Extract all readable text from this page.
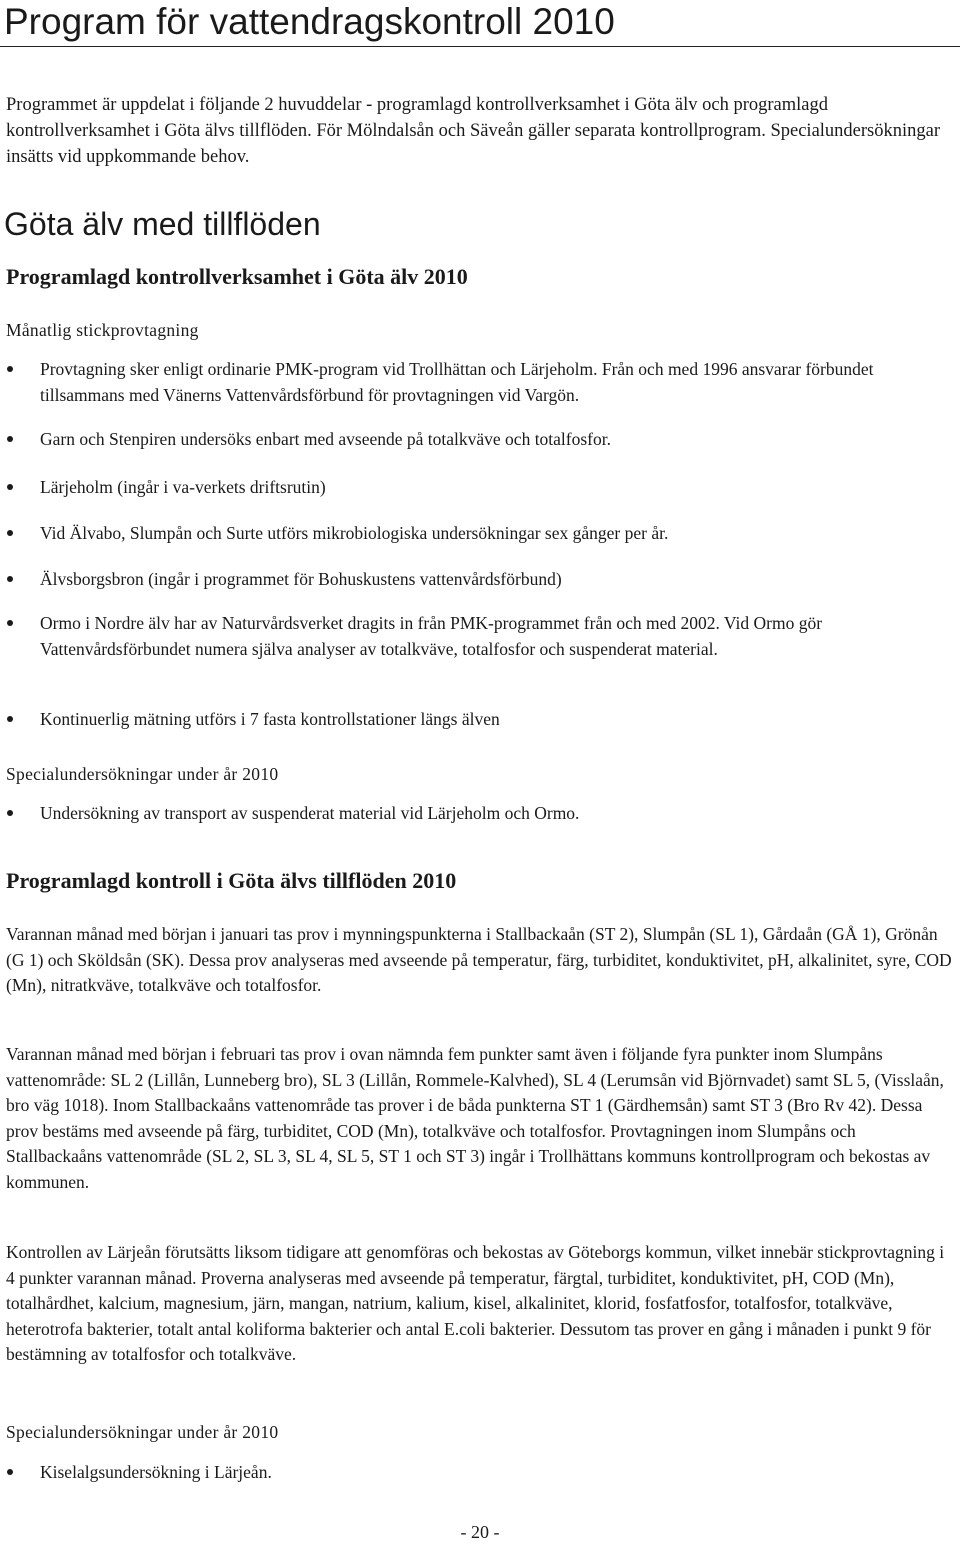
Program för vattendragskontroll 2010

Programmet är uppdelat i följande 2 huvuddelar - programlagd kontrollverksamhet i Göta älv och programlagd kontrollverksamhet i Göta älvs tillflöden. För Mölndalsån och Säveån gäller separata kontrollprogram. Specialundersökningar insätts vid uppkommande behov.

Göta älv med tillflöden
Programlagd kontrollverksamhet i Göta älv 2010

Månatlig stickprovtagning

Provtagning sker enligt ordinarie PMK-program vid Trollhättan och Lärjeholm. Från och med 1996 ansvarar förbundet tillsammans med Vänerns Vattenvårdsförbund för provtagningen vid Vargön.
Garn och Stenpiren undersöks enbart med avseende på totalkväve och totalfosfor.
Lärjeholm (ingår i va-verkets driftsrutin)
Vid Älvabo, Slumpån och Surte utförs mikrobiologiska undersökningar sex gånger per år.
Älvsborgsbron (ingår i programmet för Bohuskustens vattenvårdsförbund)
Ormo i Nordre älv har av Naturvårdsverket dragits in från PMK-programmet från och med 2002. Vid Ormo gör Vattenvårdsförbundet numera själva analyser av totalkväve, totalfosfor och suspenderat material.
Kontinuerlig mätning utförs i 7 fasta kontrollstationer längs älven

Specialundersökningar under år 2010

Undersökning av transport av suspenderat material vid Lärjeholm och Ormo.
Programlagd kontroll i Göta älvs tillflöden 2010

Varannan månad med början i januari tas prov i mynningspunkterna i Stallbackaån (ST 2), Slumpån (SL 1), Gårdaån (GÅ 1), Grönån (G 1) och Sköldsån (SK). Dessa prov analyseras med avseende på temperatur, färg, turbiditet, konduktivitet, pH, alkalinitet, syre, COD (Mn), nitratkväve, totalkväve och totalfosfor.

Varannan månad med början i februari tas prov i ovan nämnda fem punkter samt även i följande fyra punkter inom Slumpåns vattenområde: SL 2 (Lillån, Lunneberg bro), SL 3 (Lillån, Rommele-Kalvhed), SL 4 (Lerumsån vid Björnvadet) samt SL 5, (Visslaån, bro väg 1018). Inom Stallbackaåns vattenområde tas prover i de båda punkterna ST 1 (Gärdhemsån) samt ST 3 (Bro Rv 42). Dessa prov bestäms med avseende på färg, turbiditet, COD (Mn), totalkväve och totalfosfor. Provtagningen inom Slumpåns och Stallbackaåns vattenområde (SL 2, SL 3, SL 4, SL 5, ST 1 och ST 3) ingår i Trollhättans kommuns kontrollprogram och bekostas av kommunen.

Kontrollen av Lärjeån förutsätts liksom tidigare att genomföras och bekostas av Göteborgs kommun, vilket innebär stickprovtagning i 4 punkter varannan månad. Proverna analyseras med avseende på temperatur, färgtal, turbiditet, konduktivitet, pH, COD (Mn), totalhårdhet, kalcium, magnesium, järn, mangan, natrium, kalium, kisel, alkalinitet, klorid, fosfatfosfor, totalfosfor, totalkväve, heterotrofa bakterier, totalt antal koliforma bakterier och antal E.coli bakterier. Dessutom tas prover en gång i månaden i punkt 9 för bestämning av totalfosfor och totalkväve.

Specialundersökningar under år 2010

Kiselalgsundersökning i Lärjeån.

- 20 -
